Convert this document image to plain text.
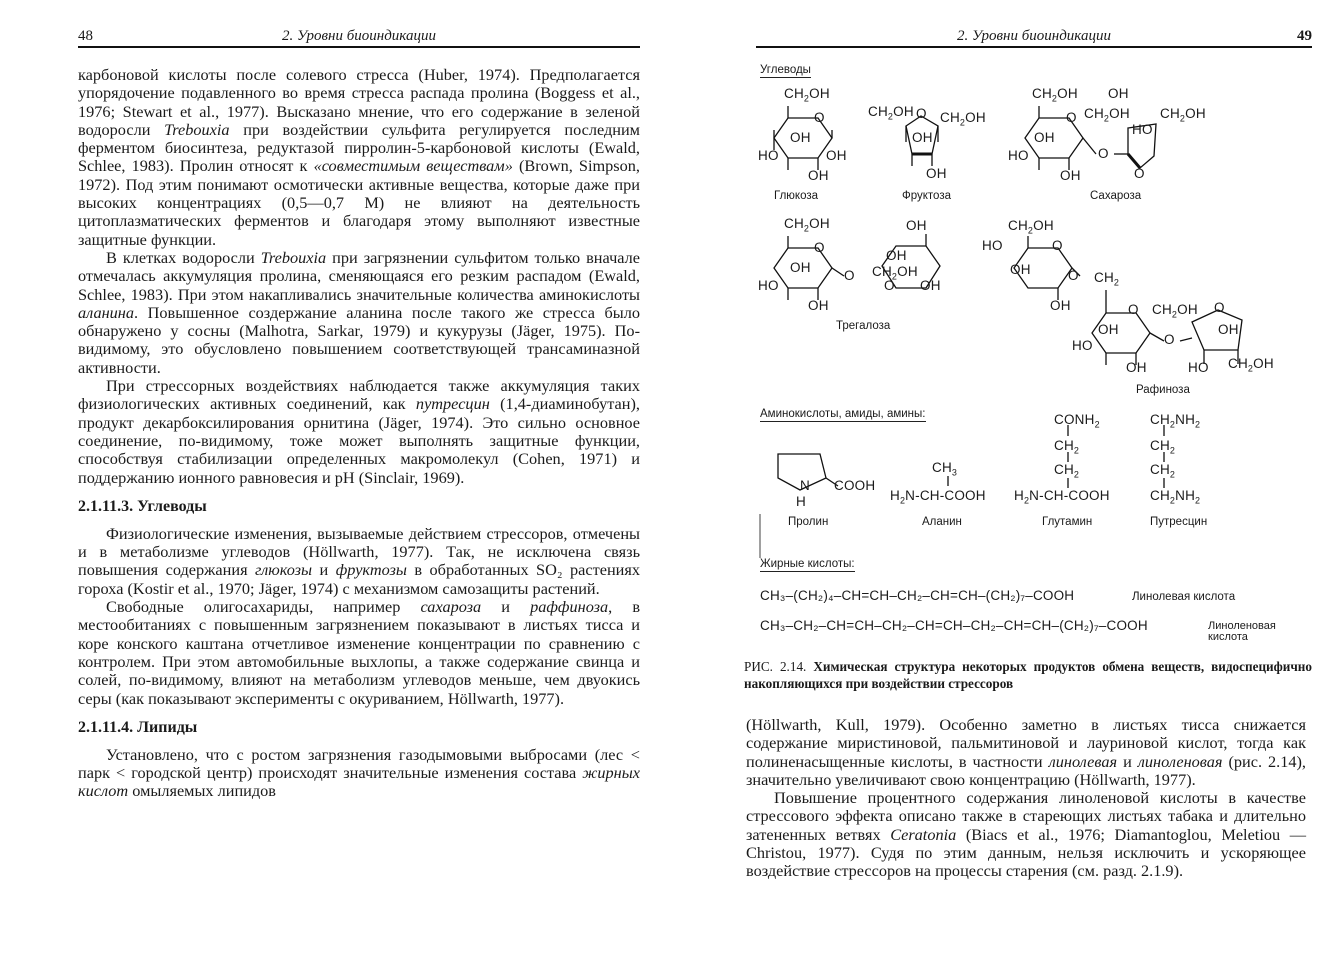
48	2. Уровни биоиндикации

карбоновой кислоты после солевого стресса (Huber, 1974). Предполагается упорядочение подавленного во время стресса распада пролина (Boggess et al., 1976; Stewart et al., 1977). Высказано мнение, что его содержание в зеленой водоросли Trebouxia при воздействии сульфита регулируется последним ферментом биосинтеза, редуктазой пирролин-5-карбоновой кислоты (Ewald, Schlee, 1983). Пролин относят к «совместимым веществам» (Brown, Simpson, 1972). Под этим понимают осмотически активные вещества, которые даже при высоких концентрациях (0,5—0,7 М) не влияют на деятельность цитоплазматических ферментов и благодаря этому выполняют известные защитные функции.

В клетках водоросли Trebouxia при загрязнении сульфитом только вначале отмечалась аккумуляция пролина, сменяющаяся его резким распадом (Ewald, Schlee, 1983). При этом накапливались значительные количества аминокислоты аланина. Повышенное создержание аланина после такого же стресса было обнаружено у сосны (Malhotra, Sarkar, 1979) и кукурузы (Jäger, 1975). По-видимому, это обусловлено повышением соответствующей трансаминазной активности.

При стрессорных воздействиях наблюдается также аккумуляция таких физиологических активных соединений, как путресцин (1,4-диаминобутан), продукт декарбоксилирования орнитина (Jäger, 1974). Это сильно основное соединение, по-видимому, тоже может выполнять защитные функции, способствуя стабилизации определенных макромолекул (Cohen, 1971) и поддержанию ионного равновесия и pH (Sinclair, 1969).

2.1.11.3. Углеводы

Физиологические изменения, вызываемые действием стрессоров, отмечены и в метаболизме углеводов (Höllwarth, 1977). Так, не исключена связь повышения содержания глюкозы и фруктозы в обработанных SO₂ растениях гороха (Kostir et al., 1970; Jäger, 1974) с механизмом самозащиты растений.

Свободные олигосахариды, например сахароза и раффиноза, в местообитаниях с повышенным загрязнением показывают в листьях тисса и коре конского каштана отчетливое изменение концентрации по сравнению с контролем. При этом автомобильные выхлопы, а также содержание свинца и солей, по-видимому, влияют на метаболизм углеводов меньше, чем двуокись серы (как показывают эксперименты с окуриванием, Höllwarth, 1977).

2.1.11.4. Липиды

Установлено, что с ростом загрязнения газодымовыми выбросами (лес < парк < городской центр) происходят значительные изменения состава жирных кислот омыляемых липидов

2. Уровни биоиндикации	49
Углеводы
$CH_2OH$
O
OH
HO	OH
OH
Глюкоза
$CH_2OH$ O $CH_2OH$
OH
OH
Фруктоза
$CH_2OH$
O
OH
HO
OH
O
OH
$CH_2OH$ $CH_2OH$
HO
O
Сахароза
$CH_2OH$
O
OH
HO
OH
O
OH
OH
$CH_2OH$
O OH
Трегалоза
$CH_2OH$
HO	O
OH
OH
O $CH_2$
O
OH
HO
OH
O
$CH_2OH$ O
OH
HO $CH_2OH$
Рафиноза
Аминокислоты, амиды, амины:
N
H
COOH
Пролин
$CH_3$
$H_2N-CH$-COOH
Аланин
$CONH_2$
$CH_2$
$CH_2$
$H_2N-CH$-COOH
Глутамин
$CH_2NH_2$
$CH_2$
$CH_2$
$CH_2NH_2$
Путресцин
Жирные кислоты:
CH₃–(CH₂)₄–CH=CH–CH₂–CH=CH–(CH₂)₇–COOH	Линолевая кислота
CH₃–CH₂–CH=CH–CH₂–CH=CH–CH₂–CH=CH–(CH₂)₇–COOH	Линоленовая кислота
РИС. 2.14. Химическая структура некоторых продуктов обмена веществ, видоспецифично накопляющихся при воздействии стрессоров

(Höllwarth, Kull, 1979). Особенно заметно в листьях тисса снижается содержание миристиновой, пальмитиновой и лауриновой кислот, тогда как полиненасыщенные кислоты, в частности линолевая и линоленовая (рис. 2.14), значительно увеличивают свою концентрацию (Höllwarth, 1977).

Повышение процентного содержания линоленовой кислоты в качестве стрессового эффекта описано также в стареющих листьях табака и длительно затененных ветвях Ceratonia (Biacs et al., 1976; Diamantoglou, Meletiou — Christou, 1977). Судя по этим данным, нельзя исключить и ускоряющее воздействие стрессоров на процессы старения (см. разд. 2.1.9).
